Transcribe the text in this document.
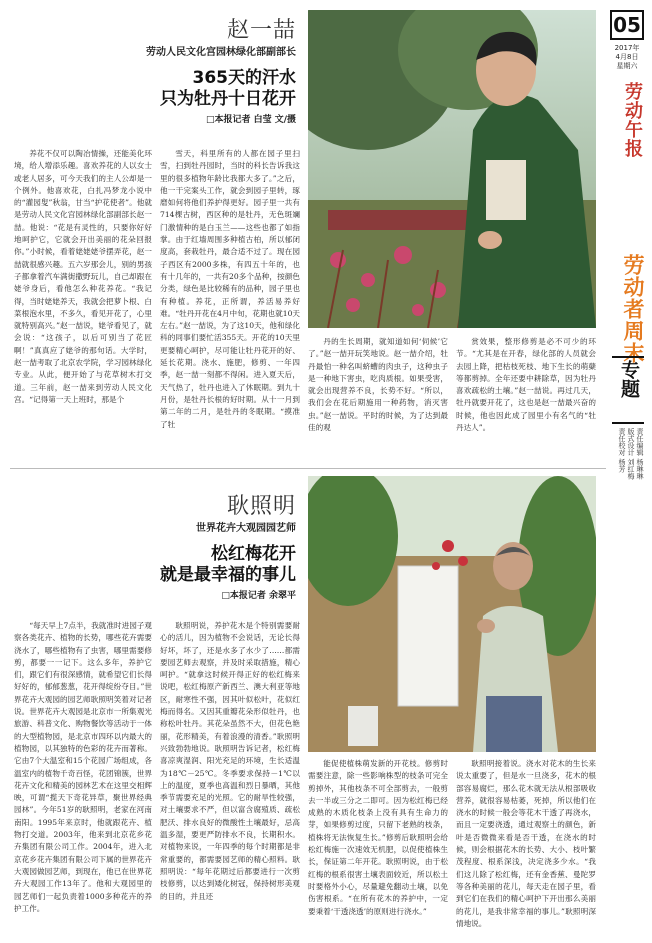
赵一喆
劳动人民文化宫园林绿化部副部长
365天的汗水
只为牡丹十日花开
□本报记者 白莹 文/摄

养花不仅可以陶冶情操，还能美化环境，给人增添乐趣。喜欢养花的人以女士或老人居多，可今天我们的主人公却是一个例外。他喜欢花，白扎冯梦龙小说中的“灌园叟”秋翁，甘当“护花使者”。他就是劳动人民文化宫园林绿化部副部长赵一喆。他说：“花是有灵性的，只要你好好地呵护它，它就会开出美丽的花朵回报你。”小时候，看着姥姥姥爷摆弄花，赵一喆就很感兴趣。五六岁那会儿，别的男孩子都拿着汽车满街撒野玩儿，自己却跟在姥爷身后，看他怎么种花养花。“我记得，当时姥姥养天，我就会把萝卜根、白菜根泡水里，不多久，看见开花了，心里就特别高兴。”赵一喆说，姥爷看见了，就会说：“这孩子，以后可别当了花匠啊！”真真应了姥爷的那句话。大学时，赵一喆考取了北京农学院，学习园林绿化专业。从此，便开始了与花草树木打交道。三年前，赵一喆来到劳动人民文化宫。“记得第一天上班时，那是个

雪天，科里所有的人都在园子里扫雪，扫到牡丹园时，当时的科长告诉我这里的很多植物年龄比我都大多了。”之后，他一干完案头工作，就会到园子里转，琢磨如何将他们养护得更好。园子里一共有714棵古树，西区种的是牡丹，无色斑斓门激情种的是白玉兰——这些也都了如指掌。由于红墙周围多种植古柏，所以郁闭度高，套栽牡丹，最合适不过了。现在园子西区有2000多株，有四五十年的，也有十几年的，一共有20多个品种，按颜色分类，绿色是比较稀有的品种，园子里也有种植。养花，正所谓，养活易养好难。“牡丹开花在4月中旬，花期也就10天左右。”赵一喆说，为了这10天，他和绿化科的同事们要忙活355天。开花的10天里更要精心呵护，尽可能让牡丹花开的好、延长花期。浇水、施肥，修剪、一年四季，赵一喆一刻都不得闲。进入夏天后，天气热了，牡丹也进入了休眠期。到九十月份，是牡丹长根的好时期。从十一月到第二年的二月，是牡丹的冬眠期。“摸准了牡

丹的生长周期，就知道如何‘伺候’它了。”赵一喆开玩笑地说。赵一喆介绍，牡丹最怕一种名叫蛴螬的肉虫子，这种虫子是一种地下害虫，吃肉质根。如果受害，就会出现营养不良，长势不好。“所以，我们会在花后期施用一种药物，消灭害虫。”赵一喆说。平时的时候，为了达到最佳的观

赏效果，整形修剪是必不可少的环节。“尤其是在开春，绿化部的人员就会去园上降，把枯枝死枝、地下生长的萌蘖等都剪掉。全年还要中耕除草，因为牡丹喜欢疏松的土壤。”赵一喆说。再过几天，牡丹就要开花了，这也是赵一喆最兴奋的时候，他也因此成了园里小有名气的“牡丹达人”。

耿照明
世界花卉大观园园艺师
松红梅花开
就是最幸福的事儿
□本报记者 余翠平

“每天早上7点半，我就准时进园子观察各类花卉、植物的长势，哪些花卉需要浇水了，哪些植物有了虫害，哪里需要修剪，都要一一记下。这么多年，养护它们，跟它们有很深感情，就希望它们长得好好的，郁郁葱葱，花开得绽纷夺目。”世界花卉大观园的园艺师耿照明笑着对记者说。世界花卉大观园是北京市一所集观光旅游、科普文化、购物餐饮等活动于一体的大型植物园，是北京市四环以内最大的植物园，以其独特的色彩的花卉而著称。它由7个大温室和15个花园广场组成，各温室内的植物千奇百怪，花团锦簇，世界花卉文化和精美的园林艺术在这里交相辉映，可谓“揽天下奇花异草，聚世界经典园林”。今年51岁的耿照明，老家在河南南阳。1995年来京时，他就跟花卉、植物打交道。2003年，他来到北京花乡花卉集团有限公司工作。2004年，进入北京花乡花卉集团有限公司下属的世界花卉大观园做园艺师，到现在，他已在世界花卉大观园工作13年了。他和大观园里的园艺师们一起负责着1000多种花卉的养护工作。

耿照明说，养护花木是个特别需要耐心的活儿，因为植物不会说话，无论长得好坏，坏了，还是水多了水少了……都需要园艺师去观察，并及时采取措施，精心呵护。“就拿这时候开得正好的松红梅来说吧，松红梅原产新西兰、澳大利亚等地区，耐寒性不强，因其叶似松叶，花似红梅而得名。又因其重瓣花朵形似牡丹，也称松叶牡丹。其花朵虽然不大，但花色艳丽，花形精美，有着浪漫的清香。”耿照明兴致勃勃地说。耿照明告诉记者，松红梅喜凉爽湿润、阳光充足的环境，生长适温为18℃－25℃。冬季要求保持－1℃以上的温度，夏季也高温和烈日暴晒，其他季节需要充足的光照。它的耐旱性较强，对土壤要求不严，但以富含腐殖质、疏松肥沃、排水良好的微酸性土壤最好，忌高温多湿，要更严防排水不良，长期积水。对植物来说，一年四季的每个时期都是非常重要的，都需要园艺师的精心照料。耿照明说：“每年花期过后都要进行一次剪枝修剪，以达到矮化树冠，保持树形美观的目的，并且还

能促使植株萌发新的开花枝。修剪时需要注意，除一些影响株型的枝条可完全剪掉外，其他枝条不可全部剪去，一般剪去一半或三分之二即可。因为松红梅已经成熟的木质化枝条上没有具有生命力的芽，如果修剪过度，只留下老熟的枝条，植株将无法恢复生长。”修剪后耿照明会给松红梅施一次速效无机肥，以促使植株生长，保证第二年开花。耿照明说，由于松红梅的根系很害土壤表面较近，所以松土时要格外小心，尽量避免翻动土壤，以免伤害根系。“在所有花木的养护中，一定要秉着‘干透浇透’的原则进行浇水。”

耿照明接着说。浇水对花木的生长来说太重要了，但是水一旦浇多，花木的根部容易腐烂，那么花木就无法从根部吸收营养，就很容易枯萎，死掉，所以他们在浇水的时候一般会等花木干透了再浇水，而且一定要浇透，通过观察土的颜色，新叶是否微微来看是否干透，在浇水的时候，则会根据花木的长势、大小、枝叶繁茂程度、根系深浅，决定浇多少水。“我们这儿除了松红梅，还有金香蕉、曼陀罗等各种美丽的花儿，每天走在园子里，看到它们在我们的精心呵护下开出那么美丽的花儿，是我非常幸福的事儿。”耿照明深情地说。

05
2017年
4月8日
星期六
劳动午报
劳动者周末
专题
责任编辑 杨琳琳
版式设计 刘红梅
责任校对 杨芳
